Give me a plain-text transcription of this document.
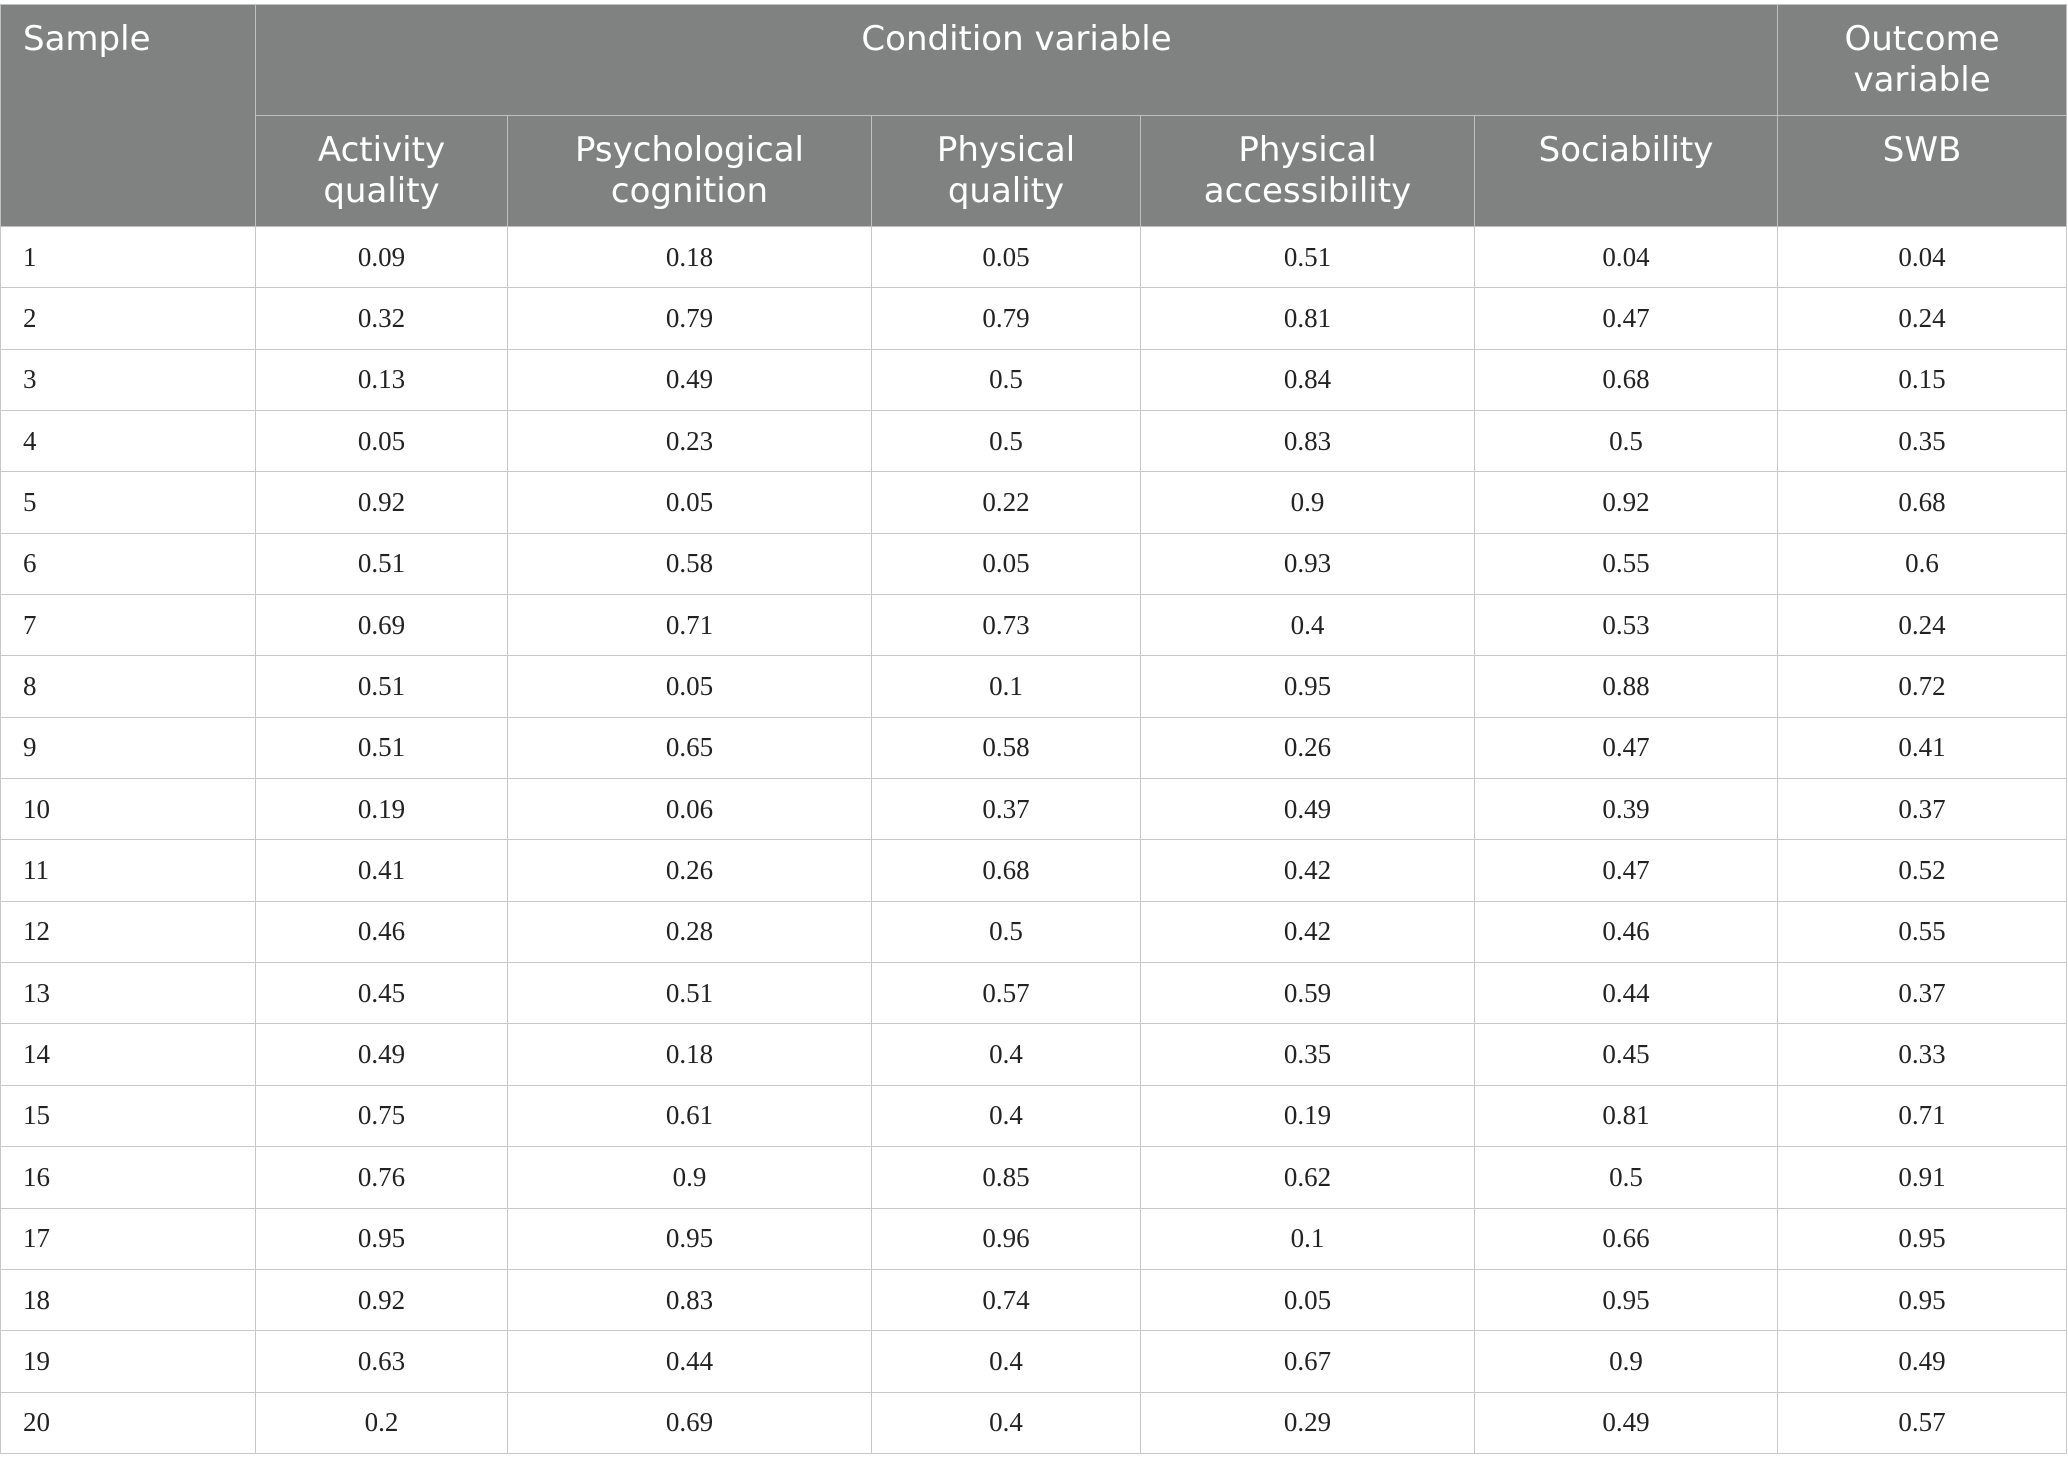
Sample	Condition variable					Outcome variable
	Activity quality	Psychological cognition	Physical quality	Physical accessibility	Sociability	SWB
1	0.09	0.18	0.05	0.51	0.04	0.04
2	0.32	0.79	0.79	0.81	0.47	0.24
3	0.13	0.49	0.5	0.84	0.68	0.15
4	0.05	0.23	0.5	0.83	0.5	0.35
5	0.92	0.05	0.22	0.9	0.92	0.68
6	0.51	0.58	0.05	0.93	0.55	0.6
7	0.69	0.71	0.73	0.4	0.53	0.24
8	0.51	0.05	0.1	0.95	0.88	0.72
9	0.51	0.65	0.58	0.26	0.47	0.41
10	0.19	0.06	0.37	0.49	0.39	0.37
11	0.41	0.26	0.68	0.42	0.47	0.52
12	0.46	0.28	0.5	0.42	0.46	0.55
13	0.45	0.51	0.57	0.59	0.44	0.37
14	0.49	0.18	0.4	0.35	0.45	0.33
15	0.75	0.61	0.4	0.19	0.81	0.71
16	0.76	0.9	0.85	0.62	0.5	0.91
17	0.95	0.95	0.96	0.1	0.66	0.95
18	0.92	0.83	0.74	0.05	0.95	0.95
19	0.63	0.44	0.4	0.67	0.9	0.49
20	0.2	0.69	0.4	0.29	0.49	0.57
